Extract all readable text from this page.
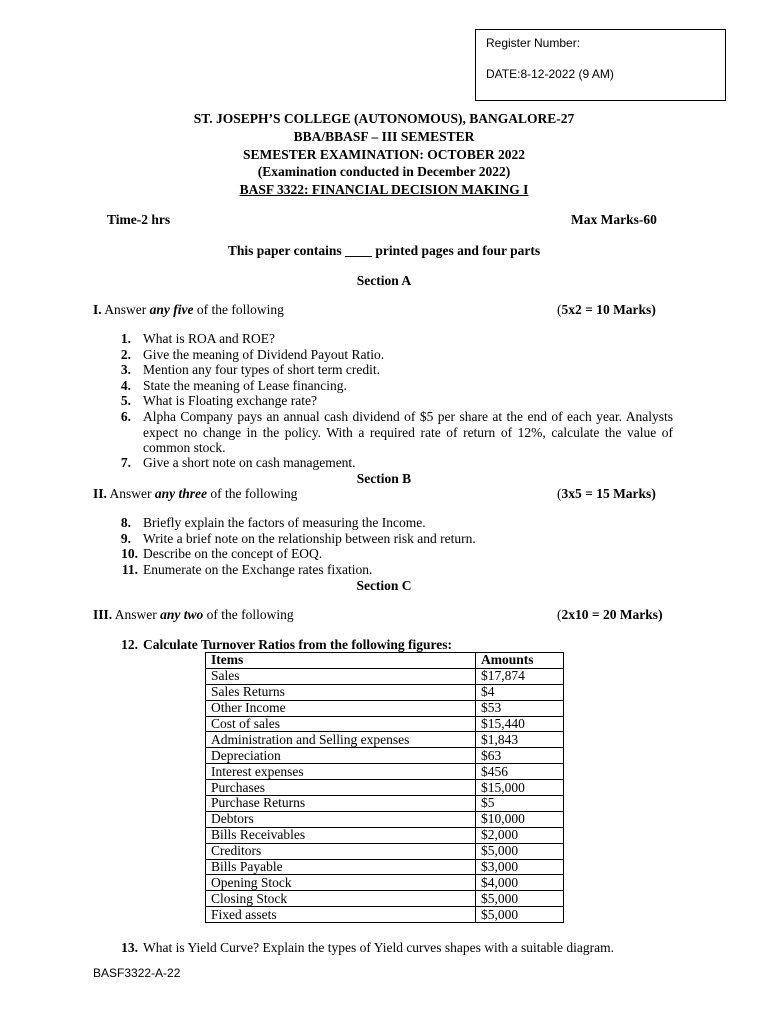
Register Number:
DATE:8-12-2022 (9 AM)
ST. JOSEPH’S COLLEGE (AUTONOMOUS), BANGALORE-27
BBA/BBASF – III SEMESTER
SEMESTER EXAMINATION: OCTOBER 2022
(Examination conducted in December 2022)
BASF 3322: FINANCIAL DECISION MAKING I
Time-2 hrs	Max Marks-60
This paper contains ____ printed pages and four parts
Section A
I. Answer any five of the following	(5x2 = 10 Marks)
1. What is ROA and ROE?
2. Give the meaning of Dividend Payout Ratio.
3. Mention any four types of short term credit.
4. State the meaning of Lease financing.
5. What is Floating exchange rate?
6. Alpha Company pays an annual cash dividend of $5 per share at the end of each year. Analysts expect no change in the policy. With a required rate of return of 12%, calculate the value of common stock.
7. Give a short note on cash management.
Section B
II. Answer any three of the following	(3x5 = 15 Marks)
8. Briefly explain the factors of measuring the Income.
9. Write a brief note on the relationship between risk and return.
10. Describe on the concept of EOQ.
11. Enumerate on the Exchange rates fixation.
Section C
III. Answer any two of the following	(2x10 = 20 Marks)
12. Calculate Turnover Ratios from the following figures:
Items	Amounts
Sales	$17,874
Sales Returns	$4
Other Income	$53
Cost of sales	$15,440
Administration and Selling expenses	$1,843
Depreciation	$63
Interest expenses	$456
Purchases	$15,000
Purchase Returns	$5
Debtors	$10,000
Bills Receivables	$2,000
Creditors	$5,000
Bills Payable	$3,000
Opening Stock	$4,000
Closing Stock	$5,000
Fixed assets	$5,000
13. What is Yield Curve? Explain the types of Yield curves shapes with a suitable diagram.
BASF3322-A-22
